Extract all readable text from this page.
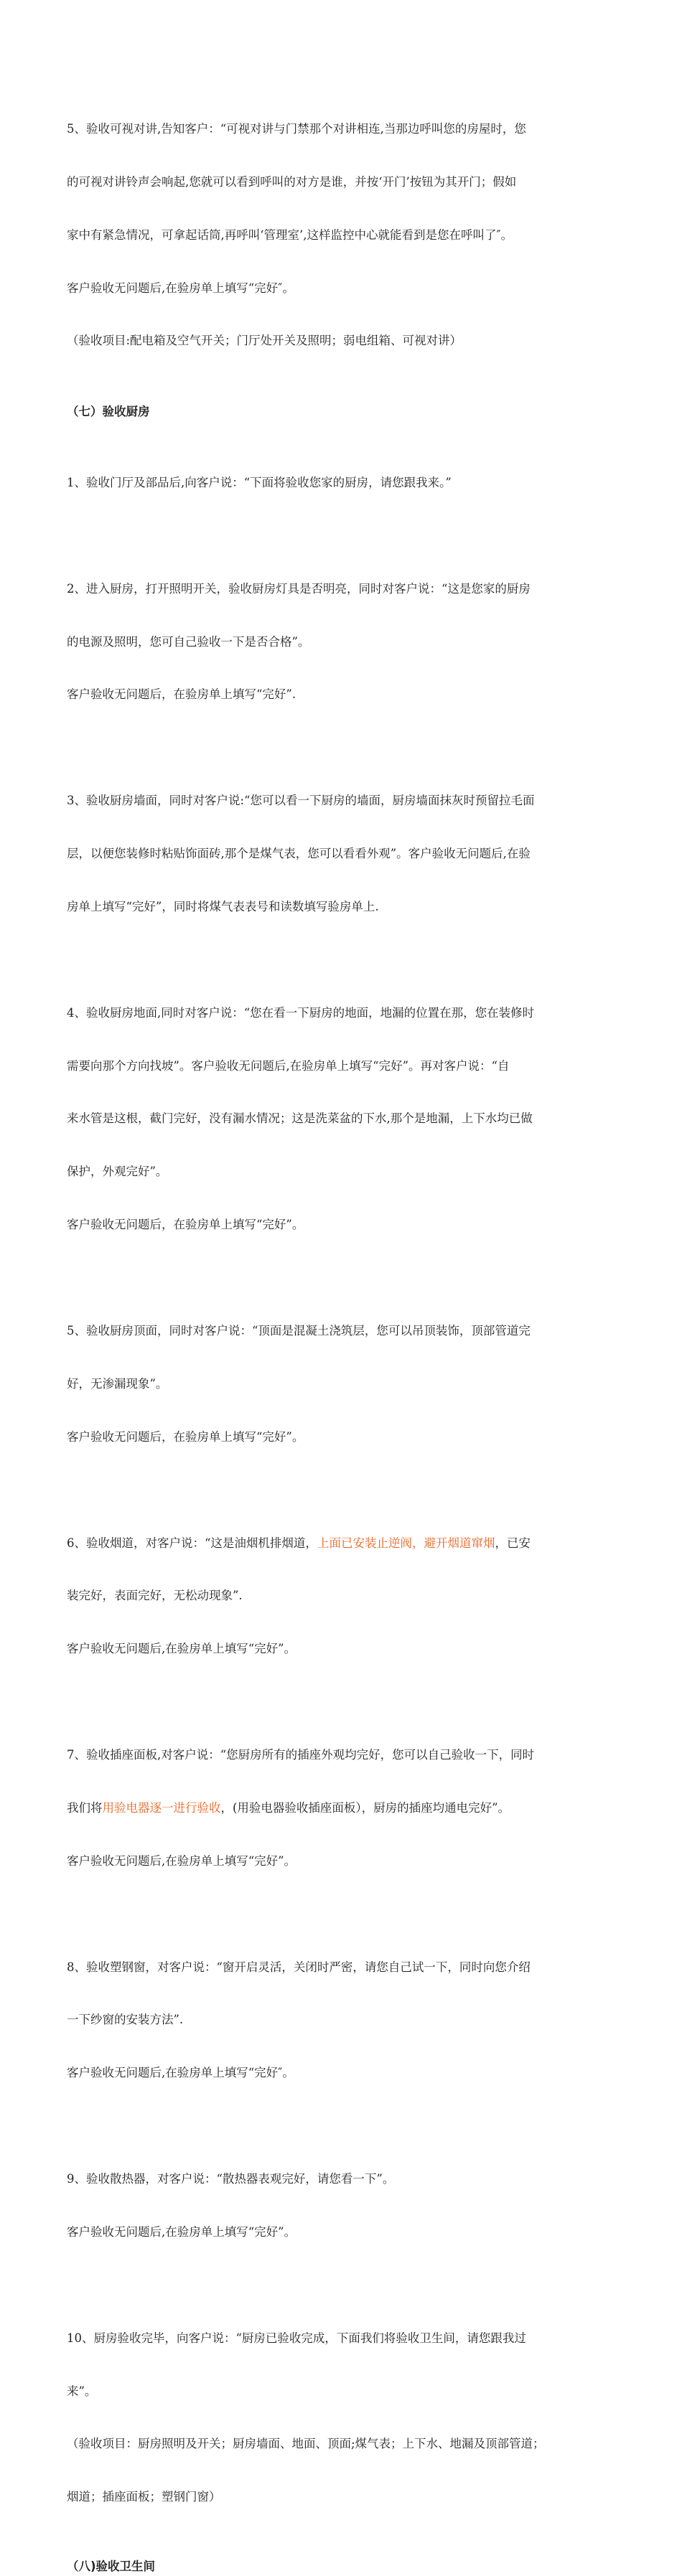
5、验收可视对讲,告知客户：“可视对讲与门禁那个对讲相连,当那边呼叫您的房屋时，您

的可视对讲铃声会响起,您就可以看到呼叫的对方是谁，并按‘开门’按钮为其开门；假如

家中有紧急情况，可拿起话筒,再呼叫‘管理室’,这样监控中心就能看到是您在呼叫了″。

客户验收无问题后,在验房单上填写“完好″。

（验收项目:配电箱及空气开关；门厅处开关及照明；弱电组箱、可视对讲）

（七）验收厨房

1、验收门厅及部品后,向客户说：“下面将验收您家的厨房，请您跟我来。”

2、进入厨房，打开照明开关，验收厨房灯具是否明亮，同时对客户说：“这是您家的厨房

的电源及照明，您可自己验收一下是否合格”。

客户验收无问题后，在验房单上填写“完好”.

3、验收厨房墙面，同时对客户说:“您可以看一下厨房的墙面，厨房墙面抹灰时预留拉毛面

层，以便您装修时粘贴饰面砖,那个是煤气表，您可以看看外观”。客户验收无问题后,在验

房单上填写“完好”，同时将煤气表表号和读数填写验房单上.

4、验收厨房地面,同时对客户说：“您在看一下厨房的地面，地漏的位置在那，您在装修时

需要向那个方向找坡”。客户验收无问题后,在验房单上填写“完好”。再对客户说：“自

来水管是这根，截门完好，没有漏水情况；这是洗菜盆的下水,那个是地漏，上下水均已做

保护，外观完好”。

客户验收无问题后，在验房单上填写“完好”。

5、验收厨房顶面，同时对客户说：“顶面是混凝土浇筑层，您可以吊顶装饰，顶部管道完

好，无渗漏现象”。

客户验收无问题后，在验房单上填写“完好”。

6、验收烟道，对客户说：“这是油烟机排烟道，上面已安装止逆阀，避开烟道窜烟，已安

装完好，表面完好，无松动现象”.

客户验收无问题后,在验房单上填写“完好”。

7、验收插座面板,对客户说：“您厨房所有的插座外观均完好，您可以自己验收一下，同时

我们将用验电器逐一进行验收，(用验电器验收插座面板），厨房的插座均通电完好”。

客户验收无问题后,在验房单上填写“完好”。

8、验收塑钢窗，对客户说：“窗开启灵活，关闭时严密，请您自己试一下，同时向您介绍

一下纱窗的安装方法”.

客户验收无问题后,在验房单上填写“完好″。

9、验收散热器，对客户说：“散热器表观完好，请您看一下”。

客户验收无问题后,在验房单上填写“完好”。

10、厨房验收完毕，向客户说：“厨房已验收完成，下面我们将验收卫生间，请您跟我过

来”。

（验收项目：厨房照明及开关；厨房墙面、地面、顶面;煤气表；上下水、地漏及顶部管道；

烟道；插座面板；塑钢门窗）

（八)验收卫生间
